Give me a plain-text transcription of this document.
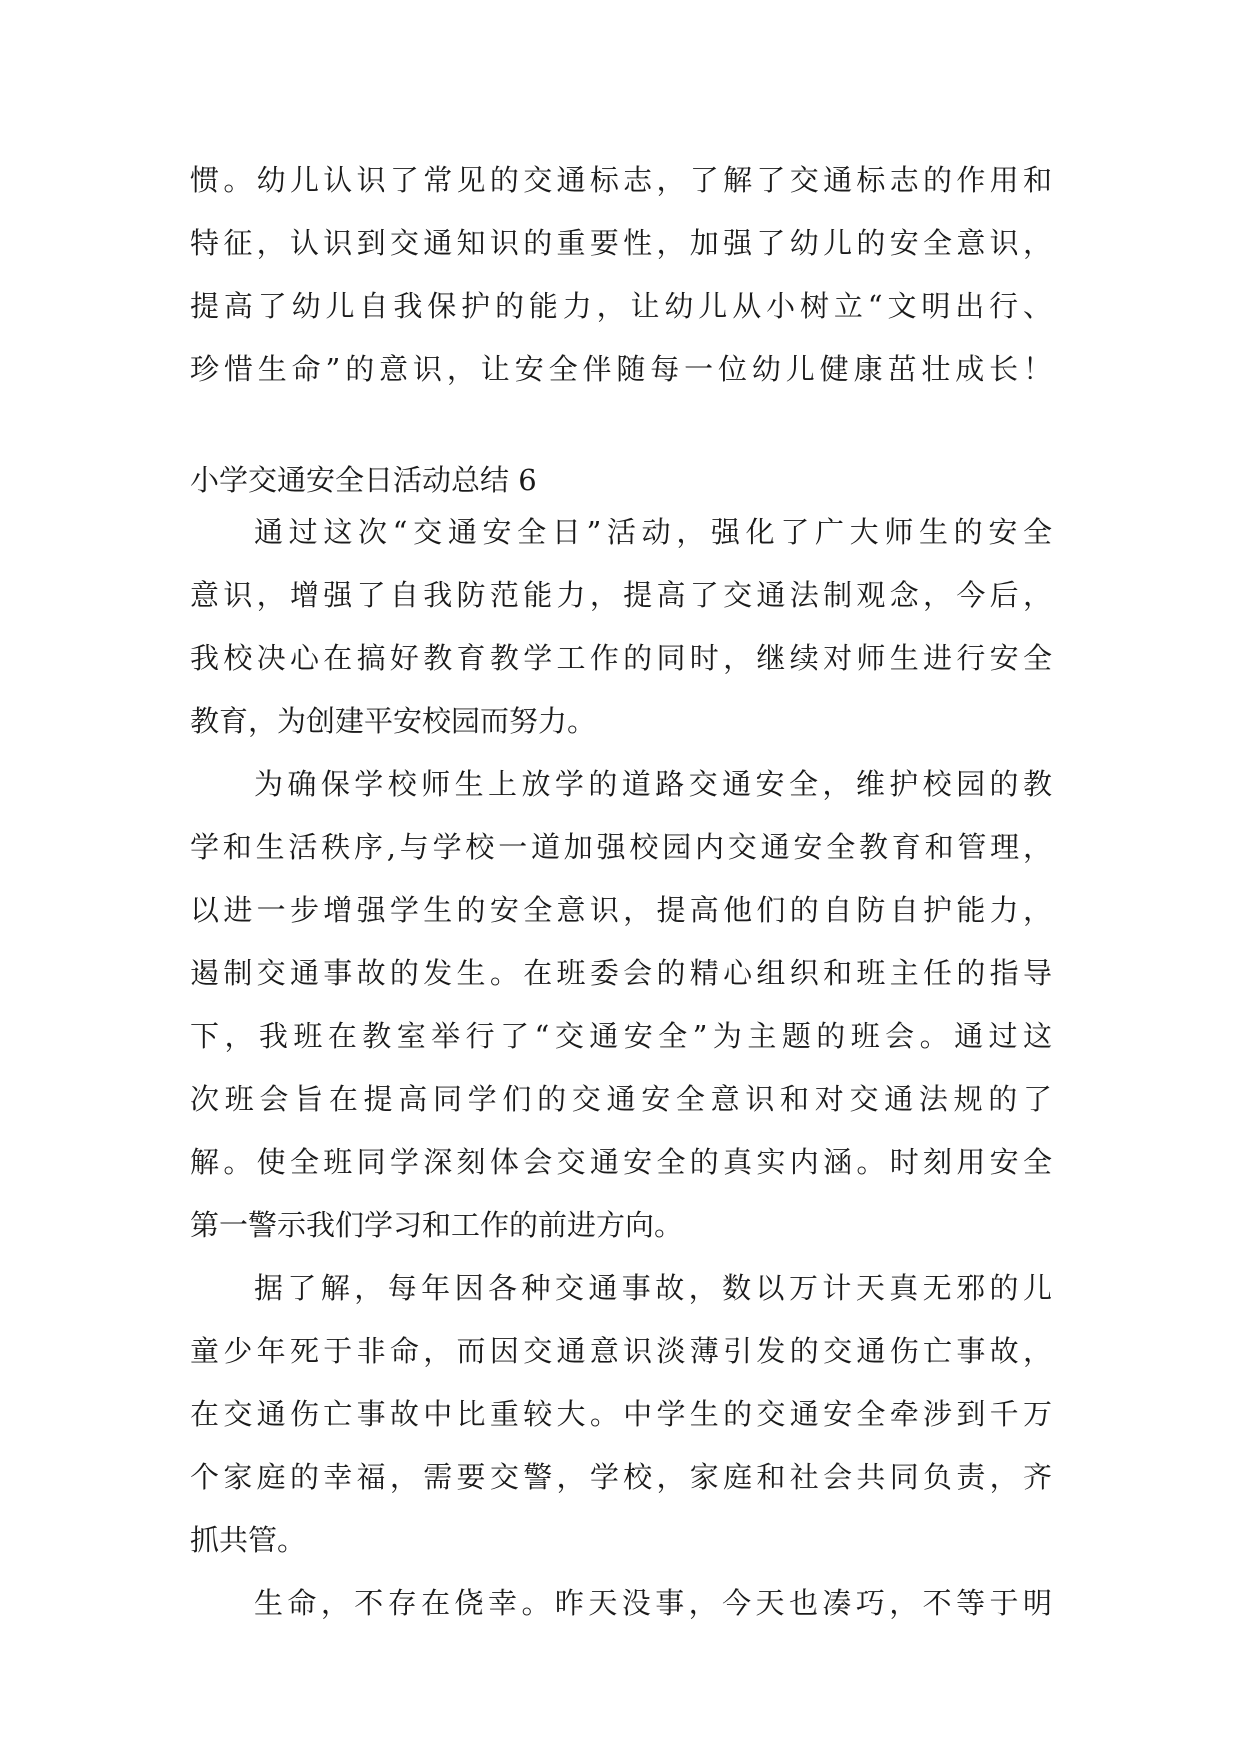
惯。幼儿认识了常见的交通标志，了解了交通标志的作用和
特征，认识到交通知识的重要性，加强了幼儿的安全意识，
提高了幼儿自我保护的能力，让幼儿从小树立“文明出行、
珍惜生命”的意识，让安全伴随每一位幼儿健康茁壮成长！
小学交通安全日活动总结 6
通过这次“交通安全日”活动，强化了广大师生的安全
意识，增强了自我防范能力，提高了交通法制观念，今后，
我校决心在搞好教育教学工作的同时，继续对师生进行安全
教育，为创建平安校园而努力。
为确保学校师生上放学的道路交通安全，维护校园的教
学和生活秩序,与学校一道加强校园内交通安全教育和管理，
以进一步增强学生的安全意识，提高他们的自防自护能力，
遏制交通事故的发生。在班委会的精心组织和班主任的指导
下，我班在教室举行了“交通安全”为主题的班会。通过这
次班会旨在提高同学们的交通安全意识和对交通法规的了
解。使全班同学深刻体会交通安全的真实内涵。时刻用安全
第一警示我们学习和工作的前进方向。
据了解，每年因各种交通事故，数以万计天真无邪的儿
童少年死于非命，而因交通意识淡薄引发的交通伤亡事故，
在交通伤亡事故中比重较大。中学生的交通安全牵涉到千万
个家庭的幸福，需要交警，学校，家庭和社会共同负责，齐
抓共管。
生命，不存在侥幸。昨天没事，今天也凑巧，不等于明
